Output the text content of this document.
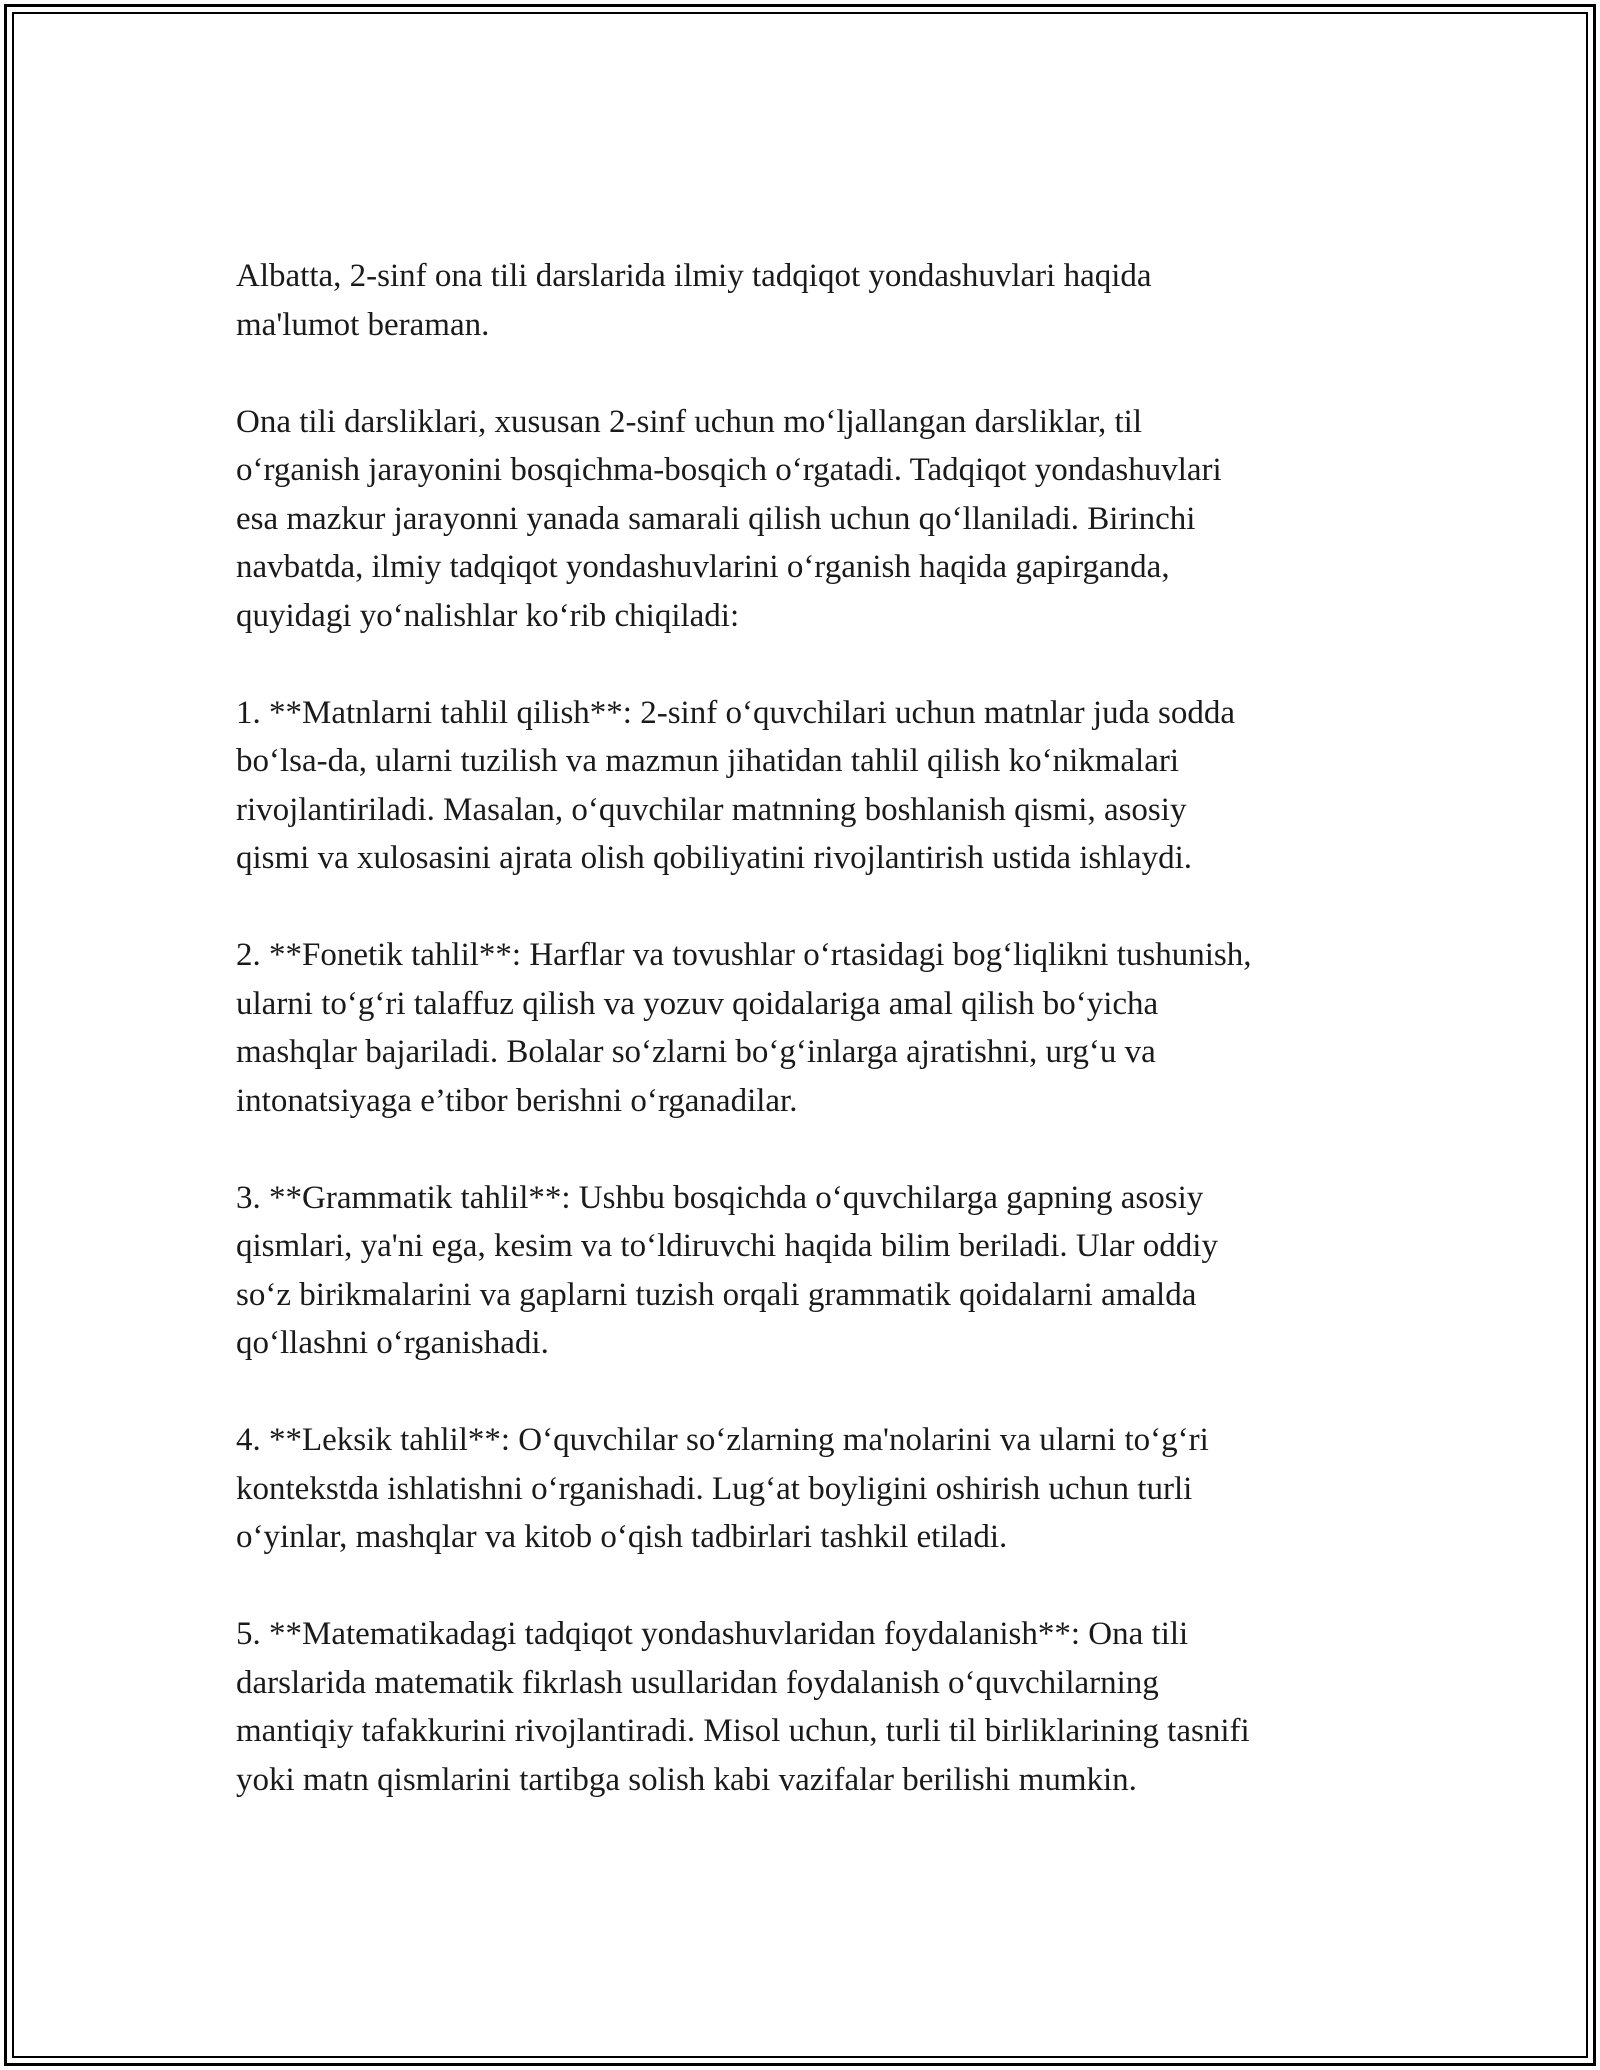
Albatta, 2-sinf ona tili darslarida ilmiy tadqiqot yondashuvlari haqida
ma'lumot beraman.

Ona tili darsliklari, xususan 2-sinf uchun mo‘ljallangan darsliklar, til
o‘rganish jarayonini bosqichma-bosqich o‘rgatadi. Tadqiqot yondashuvlari
esa mazkur jarayonni yanada samarali qilish uchun qo‘llaniladi. Birinchi
navbatda, ilmiy tadqiqot yondashuvlarini o‘rganish haqida gapirganda,
quyidagi yo‘nalishlar ko‘rib chiqiladi:

1. **Matnlarni tahlil qilish**: 2-sinf o‘quvchilari uchun matnlar juda sodda
bo‘lsa-da, ularni tuzilish va mazmun jihatidan tahlil qilish ko‘nikmalari
rivojlantiriladi. Masalan, o‘quvchilar matnning boshlanish qismi, asosiy
qismi va xulosasini ajrata olish qobiliyatini rivojlantirish ustida ishlaydi.

2. **Fonetik tahlil**: Harflar va tovushlar o‘rtasidagi bog‘liqlikni tushunish,
ularni to‘g‘ri talaffuz qilish va yozuv qoidalariga amal qilish bo‘yicha
mashqlar bajariladi. Bolalar so‘zlarni bo‘g‘inlarga ajratishni, urg‘u va
intonatsiyaga e’tibor berishni o‘rganadilar.

3. **Grammatik tahlil**: Ushbu bosqichda o‘quvchilarga gapning asosiy
qismlari, ya'ni ega, kesim va to‘ldiruvchi haqida bilim beriladi. Ular oddiy
so‘z birikmalarini va gaplarni tuzish orqali grammatik qoidalarni amalda
qo‘llashni o‘rganishadi.

4. **Leksik tahlil**: O‘quvchilar so‘zlarning ma'nolarini va ularni to‘g‘ri
kontekstda ishlatishni o‘rganishadi. Lug‘at boyligini oshirish uchun turli
o‘yinlar, mashqlar va kitob o‘qish tadbirlari tashkil etiladi.

5. **Matematikadagi tadqiqot yondashuvlaridan foydalanish**: Ona tili
darslarida matematik fikrlash usullaridan foydalanish o‘quvchilarning
mantiqiy tafakkurini rivojlantiradi. Misol uchun, turli til birliklarining tasnifi
yoki matn qismlarini tartibga solish kabi vazifalar berilishi mumkin.
